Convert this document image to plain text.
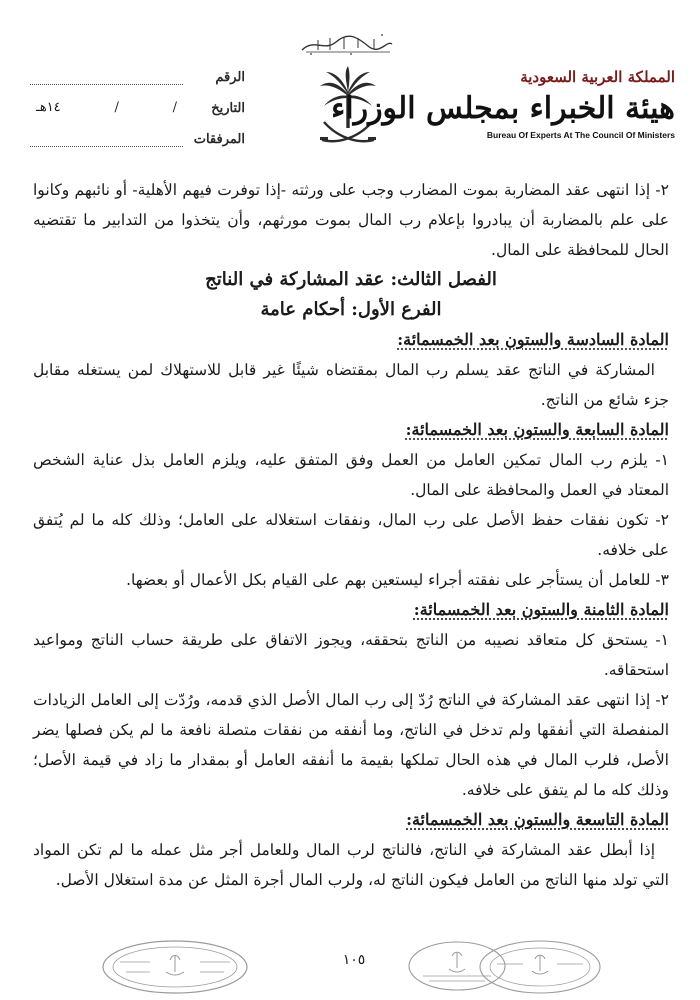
الرقم
التاريخ
/
/
١٤هـ
المرفقات
المملكة العربية السعودية
هيئة الخبراء بمجلس الوزراء
Bureau Of Experts At The Council Of Ministers

٢- إذا انتهى عقد المضاربة بموت المضارب وجب على ورثته -إذا توفرت فيهم الأهلية- أو نائبهم وكانوا على علم بالمضاربة أن يبادروا بإعلام رب المال بموت مورثهم، وأن يتخذوا من التدابير ما تقتضيه الحال للمحافظة على المال.

الفصل الثالث: عقد المشاركة في الناتج

الفرع الأول: أحكام عامة

المادة السادسة والستون بعد الخمسمائة:

المشاركة في الناتج عقد يسلم رب المال بمقتضاه شيئًا غير قابل للاستهلاك لمن يستغله مقابل جزء شائع من الناتج.

المادة السابعة والستون بعد الخمسمائة:

١- يلزم رب المال تمكين العامل من العمل وفق المتفق عليه، ويلزم العامل بذل عناية الشخص المعتاد في العمل والمحافظة على المال.

٢- تكون نفقات حفظ الأصل على رب المال، ونفقات استغلاله على العامل؛ وذلك كله ما لم يُتفق على خلافه.

٣- للعامل أن يستأجر على نفقته أجراء ليستعين بهم على القيام بكل الأعمال أو بعضها.

المادة الثامنة والستون بعد الخمسمائة:

١- يستحق كل متعاقد نصيبه من الناتج بتحققه، ويجوز الاتفاق على طريقة حساب الناتج ومواعيد استحقاقه.

٢- إذا انتهى عقد المشاركة في الناتج رُدّ إلى رب المال الأصل الذي قدمه، ورُدّت إلى العامل الزيادات المنفصلة التي أنفقها ولم تدخل في الناتج، وما أنفقه من نفقات متصلة نافعة ما لم يكن فصلها يضر الأصل، فلرب المال في هذه الحال تملكها بقيمة ما أنفقه العامل أو بمقدار ما زاد في قيمة الأصل؛ وذلك كله ما لم يتفق على خلافه.

المادة التاسعة والستون بعد الخمسمائة:

إذا أبطل عقد المشاركة في الناتج، فالناتج لرب المال وللعامل أجر مثل عمله ما لم تكن المواد التي تولد منها الناتج من العامل فيكون الناتج له، ولرب المال أجرة المثل عن مدة استغلال الأصل.

١٠٥
